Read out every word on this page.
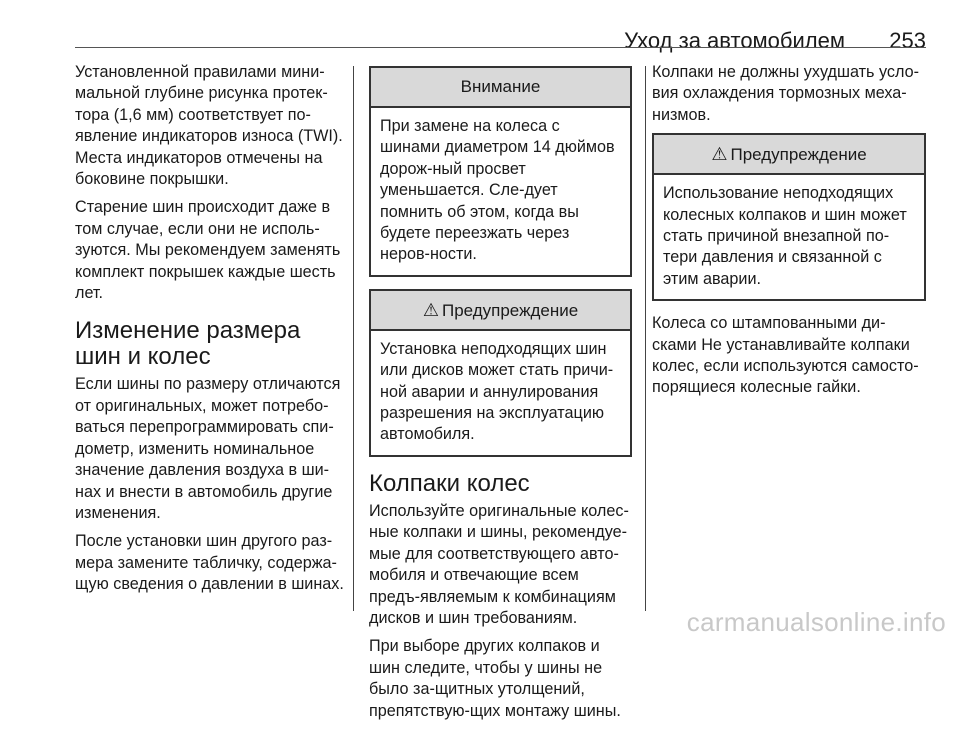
Уход за автомобилем 253

Установленной правилами мини-мальной глубине рисунка протек-тора (1,6 мм) соответствует по-явление индикаторов износа (TWI). Места индикаторов отмечены на боковине покрышки.

Старение шин происходит даже в том случае, если они не исполь-зуются. Мы рекомендуем заменять комплект покрышек каждые шесть лет.

Изменение размера шин и колес

Если шины по размеру отличаются от оригинальных, может потребо-ваться перепрограммировать спи-дометр, изменить номинальное значение давления воздуха в ши-нах и внести в автомобиль другие изменения.

После установки шин другого раз-мера замените табличку, содержа-щую сведения о давлении в шинах.

Внимание
При замене на колеса с шинами диаметром 14 дюймов дорож-ный просвет уменьшается. Сле-дует помнить об этом, когда вы будете переезжать через неров-ности.
⚠ Предупреждение
Установка неподходящих шин или дисков может стать причи-ной аварии и аннулирования разрешения на эксплуатацию автомобиля.
Колпаки колес

Используйте оригинальные колес-ные колпаки и шины, рекомендуе-мые для соответствующего авто-мобиля и отвечающие всем предъ-являемым к комбинациям дисков и шин требованиям.

При выборе других колпаков и шин следите, чтобы у шины не было за-щитных утолщений, препятствую-щих монтажу шины.

Колпаки не должны ухудшать усло-вия охлаждения тормозных меха-низмов.

⚠ Предупреждение
Использование неподходящих колесных колпаков и шин может стать причиной внезапной по-тери давления и связанной с этим аварии.

Колеса со штампованными ди-сками Не устанавливайте колпаки колес, если используются самосто-порящиеся колесные гайки.

carmanualsonline.info
